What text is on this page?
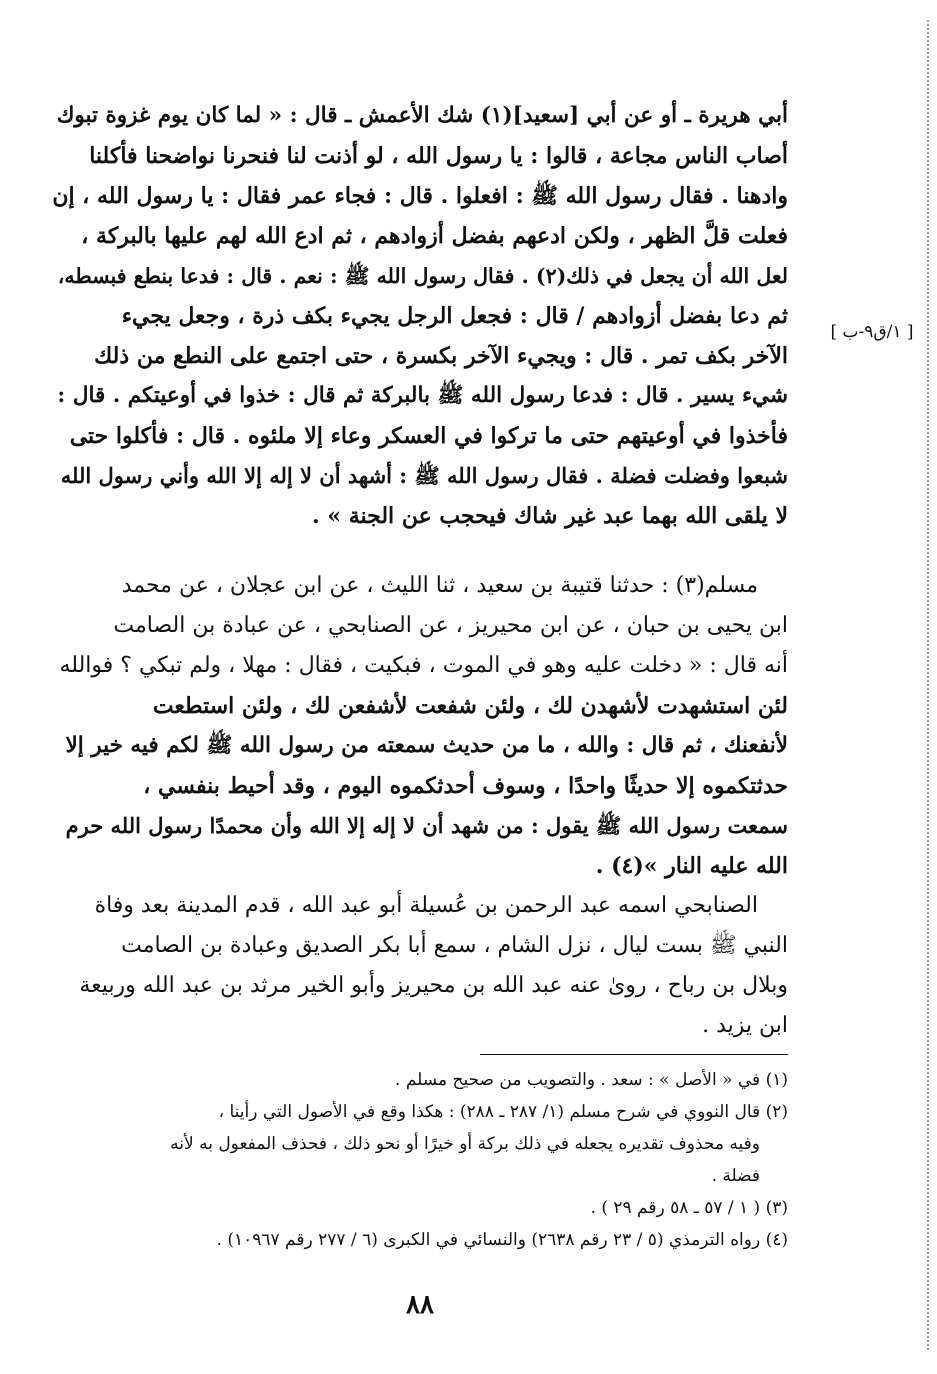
[ ١/ق٩-ب ]
أبي هريرة ـ أو عن أبي [سعيد](١) شك الأعمش ـ قال : « لما كان يوم غزوة تبوك
أصاب الناس مجاعة ، قالوا : يا رسول الله ، لو أذنت لنا فنحرنا نواضحنا فأكلنا
وادهنا . فقال رسول الله ﷺ : افعلوا . قال : فجاء عمر فقال : يا رسول الله ، إن
فعلت قلَّ الظهر ، ولكن ادعهم بفضل أزوادهم ، ثم ادع الله لهم عليها بالبركة ،
لعل الله أن يجعل في ذلك(٢) . فقال رسول الله ﷺ : نعم . قال : فدعا بنطع فبسطه،
ثم دعا بفضل أزوادهم / قال : فجعل الرجل يجيء بكف ذرة ، وجعل يجيء
الآخر بكف تمر . قال : ويجيء الآخر بكسرة ، حتى اجتمع على النطع من ذلك
شيء يسير . قال : فدعا رسول الله ﷺ بالبركة ثم قال : خذوا في أوعيتكم . قال :
فأخذوا في أوعيتهم حتى ما تركوا في العسكر وعاء إلا ملئوه . قال : فأكلوا حتى
شبعوا وفضلت فضلة . فقال رسول الله ﷺ : أشهد أن لا إله إلا الله وأني رسول الله
لا يلقى الله بهما عبد غير شاك فيحجب عن الجنة » .
مسلم(٣) : حدثنا قتيبة بن سعيد ، ثنا الليث ، عن ابن عجلان ، عن محمد
ابن يحيى بن حبان ، عن ابن محيريز ، عن الصنابحي ، عن عبادة بن الصامت
أنه قال : « دخلت عليه وهو في الموت ، فبكيت ، فقال : مهلا ، ولم تبكي ؟ فوالله
لئن استشهدت لأشهدن لك ، ولئن شفعت لأشفعن لك ، ولئن استطعت
لأنفعنك ، ثم قال : والله ، ما من حديث سمعته من رسول الله ﷺ لكم فيه خير إلا
حدثتكموه إلا حديثًا واحدًا ، وسوف أحدثكموه اليوم ، وقد أحيط بنفسي ،
سمعت رسول الله ﷺ يقول : من شهد أن لا إله إلا الله وأن محمدًا رسول الله حرم
الله عليه النار »(٤) .
الصنابحي اسمه عبد الرحمن بن عُسيلة أبو عبد الله ، قدم المدينة بعد وفاة
النبي ﷺ بست ليال ، نزل الشام ، سمع أبا بكر الصديق وعبادة بن الصامت
وبلال بن رباح ، روىٰ عنه عبد الله بن محيريز وأبو الخير مرثد بن عبد الله وربيعة
ابن يزيد .
(١) في « الأصل » : سعد . والتصويب من صحيح مسلم .
(٢) قال النووي في شرح مسلم (١/ ٢٨٧ ـ ٢٨٨) : هكذا وقع في الأصول التي رأينا ،
وفيه محذوف تقديره يجعله في ذلك بركة أو خيرًا أو نحو ذلك ، فحذف المفعول به لأنه
فضلة .
(٣) ( ١ / ٥٧ ـ ٥٨ رقم ٢٩ ) .
(٤) رواه الترمذي (٥ / ٢٣ رقم ٢٦٣٨) والنسائي في الكبرى (٦ / ٢٧٧ رقم ١٠٩٦٧) .
٨٨
